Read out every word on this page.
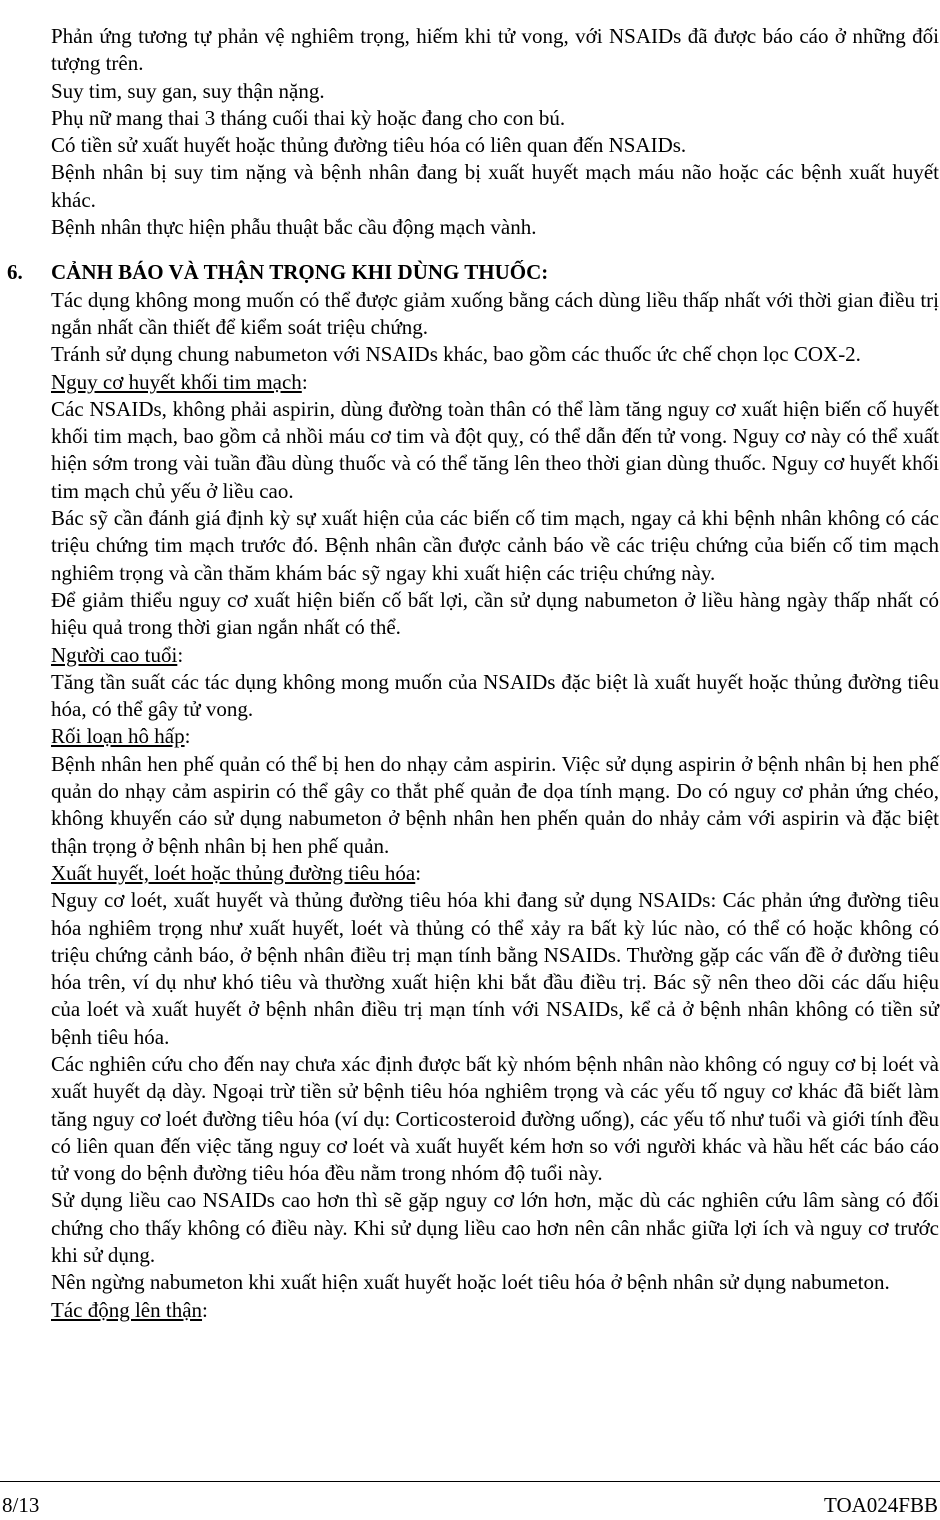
Phản ứng tương tự phản vệ nghiêm trọng, hiếm khi tử vong, với NSAIDs đã được báo cáo ở những đối tượng trên.

Suy tim, suy gan, suy thận nặng.

Phụ nữ mang thai 3 tháng cuối thai kỳ hoặc đang cho con bú.

Có tiền sử xuất huyết hoặc thủng đường tiêu hóa có liên quan đến NSAIDs.

Bệnh nhân bị suy tim nặng và bệnh nhân đang bị xuất huyết mạch máu não hoặc các bệnh xuất huyết khác.

Bệnh nhân thực hiện phẫu thuật bắc cầu động mạch vành.

6.	CẢNH BÁO VÀ THẬN TRỌNG KHI DÙNG THUỐC:

Tác dụng không mong muốn có thể được giảm xuống bằng cách dùng liều thấp nhất với thời gian điều trị ngắn nhất cần thiết để kiểm soát triệu chứng.

Tránh sử dụng chung nabumeton với NSAIDs khác, bao gồm các thuốc ức chế chọn lọc COX-2.

Nguy cơ huyết khối tim mạch:

Các NSAIDs, không phải aspirin, dùng đường toàn thân có thể làm tăng nguy cơ xuất hiện biến cố huyết khối tim mạch, bao gồm cả nhồi máu cơ tim và đột quỵ, có thể dẫn đến tử vong. Nguy cơ này có thể xuất hiện sớm trong vài tuần đầu dùng thuốc và có thể tăng lên theo thời gian dùng thuốc. Nguy cơ huyết khối tim mạch chủ yếu ở liều cao.

Bác sỹ cần đánh giá định kỳ sự xuất hiện của các biến cố tim mạch, ngay cả khi bệnh nhân không có các triệu chứng tim mạch trước đó. Bệnh nhân cần được cảnh báo về các triệu chứng của biến cố tim mạch nghiêm trọng và cần thăm khám bác sỹ ngay khi xuất hiện các triệu chứng này.

Để giảm thiểu nguy cơ xuất hiện biến cố bất lợi, cần sử dụng nabumeton ở liều hàng ngày thấp nhất có hiệu quả trong thời gian ngắn nhất có thể.

Người cao tuổi:

Tăng tần suất các tác dụng không mong muốn của NSAIDs đặc biệt là xuất huyết hoặc thủng đường tiêu hóa, có thể gây tử vong.

Rối loạn hô hấp:

Bệnh nhân hen phế quản có thể bị hen do nhạy cảm aspirin. Việc sử dụng aspirin ở bệnh nhân bị hen phế quản do nhạy cảm aspirin có thể gây co thắt phế quản đe dọa tính mạng. Do có nguy cơ phản ứng chéo, không khuyến cáo sử dụng nabumeton ở bệnh nhân hen phến quản do nhảy cảm với aspirin và đặc biệt thận trọng ở bệnh nhân bị hen phế quản.

Xuất huyết, loét hoặc thủng đường tiêu hóa:

Nguy cơ loét, xuất huyết và thủng đường tiêu hóa khi đang sử dụng NSAIDs: Các phản ứng đường tiêu hóa nghiêm trọng như xuất huyết, loét và thủng có thể xảy ra bất kỳ lúc nào, có thể có hoặc không có triệu chứng cảnh báo, ở bệnh nhân điều trị mạn tính bằng NSAIDs. Thường gặp các vấn đề ở đường tiêu hóa trên, ví dụ như khó tiêu và thường xuất hiện khi bắt đầu điều trị. Bác sỹ nên theo dõi các dấu hiệu của loét và xuất huyết ở bệnh nhân điều trị mạn tính với NSAIDs, kể cả ở bệnh nhân không có tiền sử bệnh tiêu hóa.

Các nghiên cứu cho đến nay chưa xác định được bất kỳ nhóm bệnh nhân nào không có nguy cơ bị loét và xuất huyết dạ dày. Ngoại trừ tiền sử bệnh tiêu hóa nghiêm trọng và các yếu tố nguy cơ khác đã biết làm tăng nguy cơ loét đường tiêu hóa (ví dụ: Corticosteroid đường uống), các yếu tố như tuổi và giới tính đều có liên quan đến việc tăng nguy cơ loét và xuất huyết kém hơn so với người khác và hầu hết các báo cáo tử vong do bệnh đường tiêu hóa đều nằm trong nhóm độ tuổi này.

Sử dụng liều cao NSAIDs cao hơn thì sẽ gặp nguy cơ lớn hơn, mặc dù các nghiên cứu lâm sàng có đối chứng cho thấy không có điều này. Khi sử dụng liều cao hơn nên cân nhắc giữa lợi ích và nguy cơ trước khi sử dụng.

Nên ngừng nabumeton khi xuất hiện xuất huyết hoặc loét tiêu hóa ở bệnh nhân sử dụng nabumeton.

Tác động lên thận:

8/13	TOA024FBB
